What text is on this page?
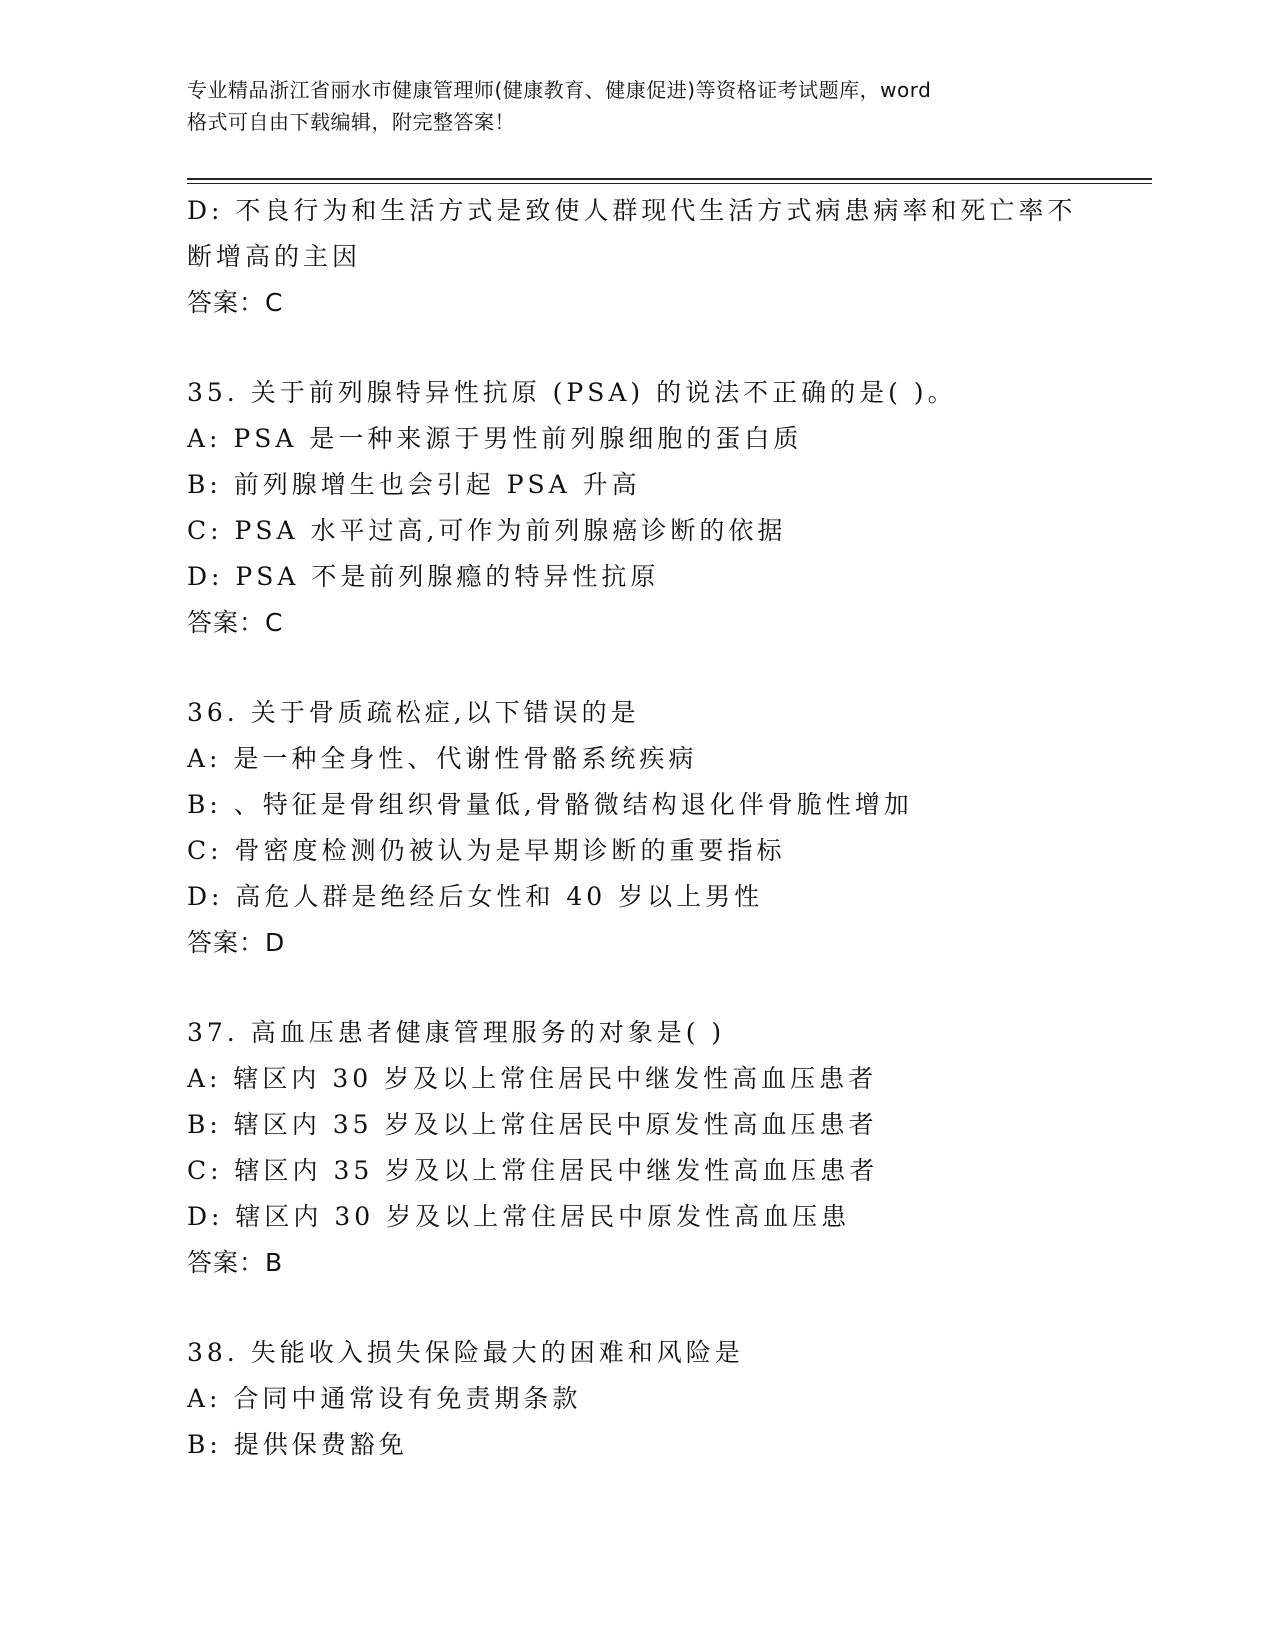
专业精品浙江省丽水市健康管理师(健康教育、健康促进)等资格证考试题库，word
格式可自由下载编辑，附完整答案！
D: 不良行为和生活方式是致使人群现代生活方式病患病率和死亡率不
断增高的主因
答案：C
35. 关于前列腺特异性抗原 (PSA) 的说法不正确的是( )。
A: PSA 是一种来源于男性前列腺细胞的蛋白质
B: 前列腺增生也会引起 PSA 升高
C: PSA 水平过高,可作为前列腺癌诊断的依据
D: PSA 不是前列腺瘾的特异性抗原
答案：C
36. 关于骨质疏松症,以下错误的是
A: 是一种全身性、代谢性骨骼系统疾病
B: 、特征是骨组织骨量低,骨骼微结构退化伴骨脆性增加
C: 骨密度检测仍被认为是早期诊断的重要指标
D: 高危人群是绝经后女性和 40 岁以上男性
答案：D
37. 高血压患者健康管理服务的对象是( )
A: 辖区内 30 岁及以上常住居民中继发性高血压患者
B: 辖区内 35 岁及以上常住居民中原发性高血压患者
C: 辖区内 35 岁及以上常住居民中继发性高血压患者
D: 辖区内 30 岁及以上常住居民中原发性高血压患
答案：B
38. 失能收入损失保险最大的困难和风险是
A: 合同中通常设有免责期条款
B: 提供保费豁免
